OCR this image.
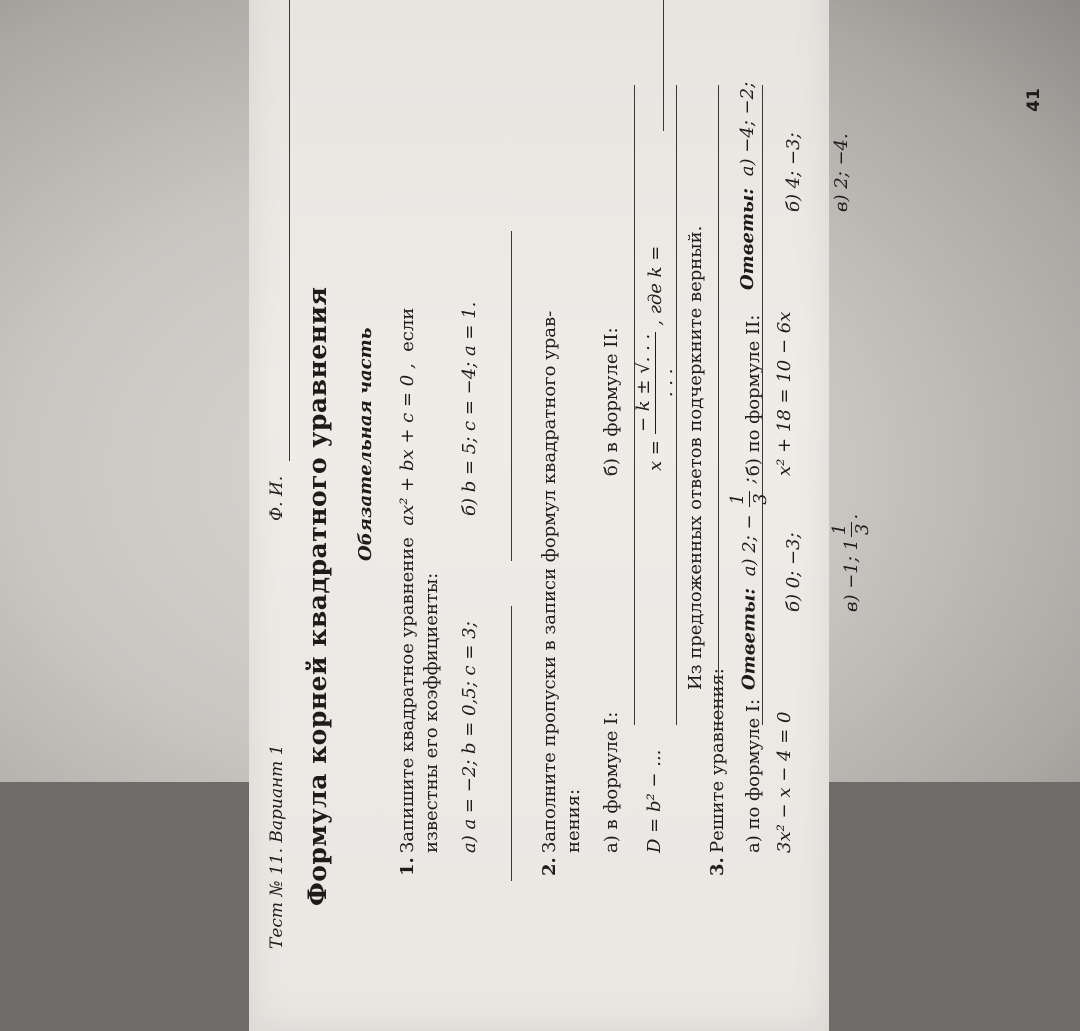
Тест № 11. Вариант 1
Ф. И. Формула корней квадратного уравнения Обязательная часть
1.
Запишите квадратное уравнение  ax² + bx + c = 0 ,  если
известны его коэффициенты: а) a = −2; b = 0,5; c = 3;
б) b = 5; c = −4; a = 1.
2.
Заполните пропуски в записи формул квадратного урав- нения: а) в формуле I: D = b² − ...
б) в формуле II: x =
− k ± √. . . . . .
, где k =
3.
Решите уравнения: а) по формуле I: 3x² − x − 4 = 0
б) по формуле II: x² + 18 = 10 − 6x
Из предложенных ответов подчеркните верный.	Ответы: а) 2; −
1 3
;
б) 0; −3; в) −1; 1
1 3
.
Ответы: а) −4; −2; б) 4; −3; в) 2; −4.
41
